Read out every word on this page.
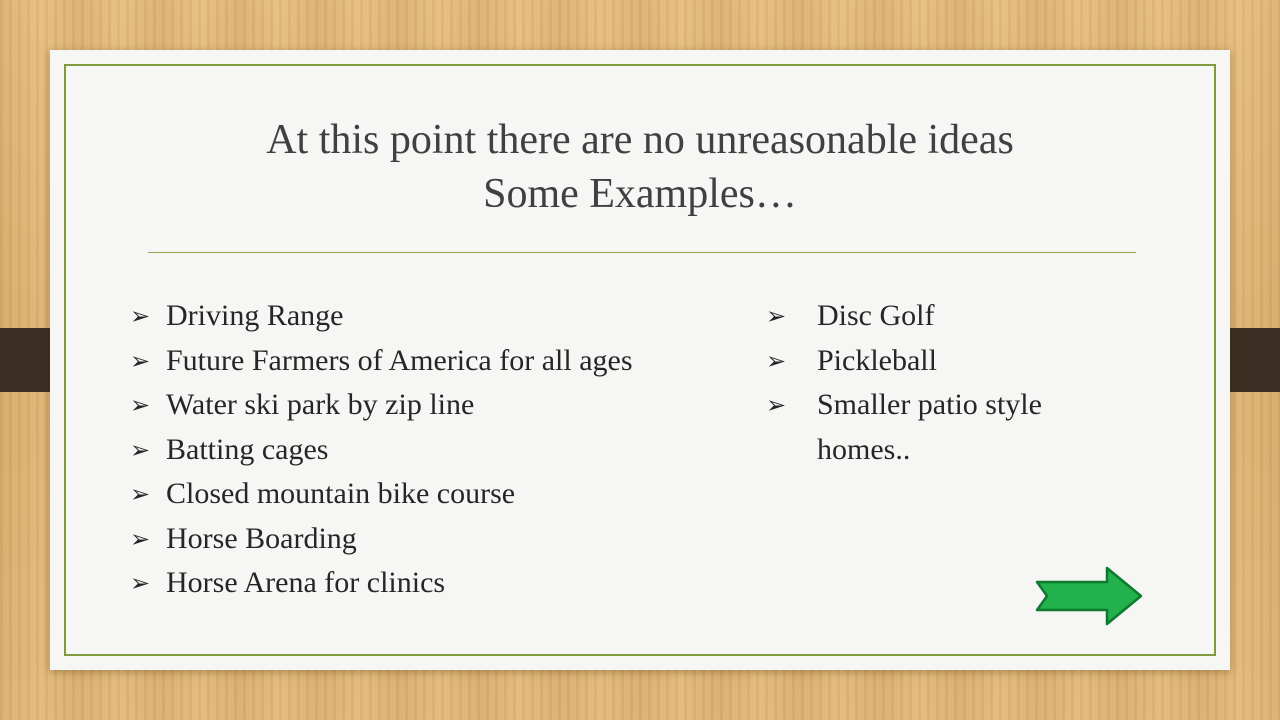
At this point there are no unreasonable ideas
Some Examples…
➢ Driving Range
➢ Future Farmers of America for all ages
➢ Water ski park by zip line
➢ Batting cages
➢ Closed mountain bike course
➢ Horse Boarding
➢ Horse Arena for clinics
➢ Disc Golf
➢ Pickleball
➢ Smaller patio style homes..
